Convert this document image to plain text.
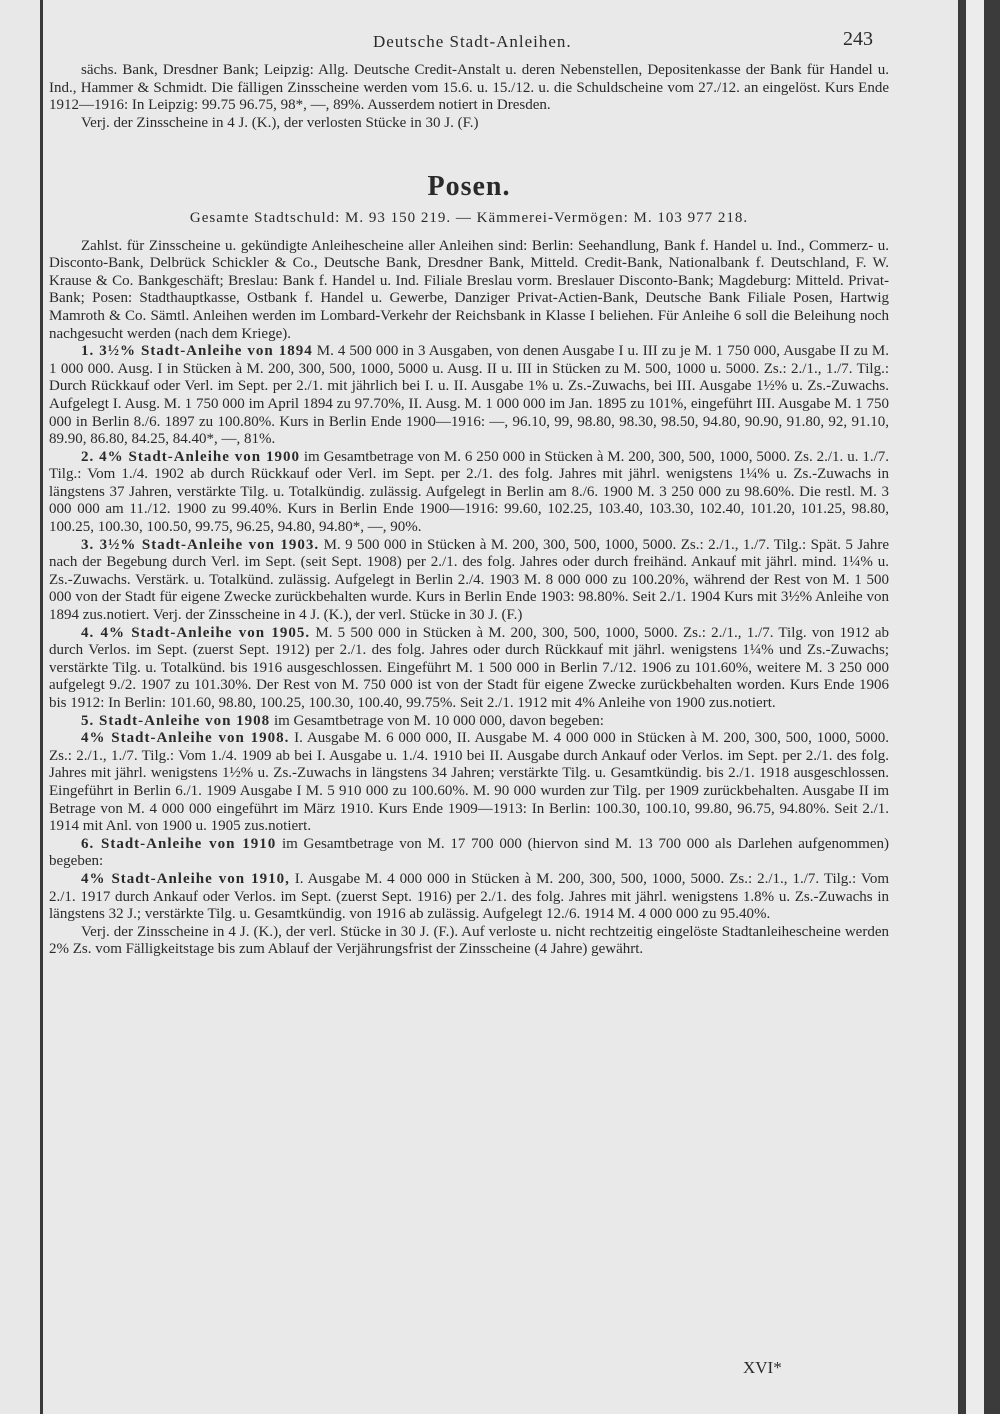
Deutsche Stadt-Anleihen.	243

sächs. Bank, Dresdner Bank; Leipzig: Allg. Deutsche Credit-Anstalt u. deren Nebenstellen, Depositenkasse der Bank für Handel u. Ind., Hammer & Schmidt. Die fälligen Zinsscheine werden vom 15.6. u. 15./12. u. die Schuldscheine vom 27./12. an eingelöst. Kurs Ende 1912—1916: In Leipzig: 99.75 96.75, 98*, —, 89%. Ausserdem notiert in Dresden.

Verj. der Zinsscheine in 4 J. (K.), der verlosten Stücke in 30 J. (F.)

Posen.
Gesamte Stadtschuld: M. 93 150 219. — Kämmerei-Vermögen: M. 103 977 218.

Zahlst. für Zinsscheine u. gekündigte Anleihescheine aller Anleihen sind: Berlin: Seehandlung, Bank f. Handel u. Ind., Commerz- u. Disconto-Bank, Delbrück Schickler & Co., Deutsche Bank, Dresdner Bank, Mitteld. Credit-Bank, Nationalbank f. Deutschland, F. W. Krause & Co. Bankgeschäft; Breslau: Bank f. Handel u. Ind. Filiale Breslau vorm. Breslauer Disconto-Bank; Magdeburg: Mitteld. Privat-Bank; Posen: Stadthauptkasse, Ostbank f. Handel u. Gewerbe, Danziger Privat-Actien-Bank, Deutsche Bank Filiale Posen, Hartwig Mamroth & Co. Sämtl. Anleihen werden im Lombard-Verkehr der Reichsbank in Klasse I beliehen. Für Anleihe 6 soll die Beleihung noch nachgesucht werden (nach dem Kriege).

1. 3½% Stadt-Anleihe von 1894 M. 4 500 000 in 3 Ausgaben, von denen Ausgabe I u. III zu je M. 1 750 000, Ausgabe II zu M. 1 000 000. Ausg. I in Stücken à M. 200, 300, 500, 1000, 5000 u. Ausg. II u. III in Stücken zu M. 500, 1000 u. 5000. Zs.: 2./1., 1./7. Tilg.: Durch Rückkauf oder Verl. im Sept. per 2./1. mit jährlich bei I. u. II. Ausgabe 1% u. Zs.-Zuwachs, bei III. Ausgabe 1½% u. Zs.-Zuwachs. Aufgelegt I. Ausg. M. 1 750 000 im April 1894 zu 97.70%, II. Ausg. M. 1 000 000 im Jan. 1895 zu 101%, eingeführt III. Ausgabe M. 1 750 000 in Berlin 8./6. 1897 zu 100.80%. Kurs in Berlin Ende 1900—1916: —, 96.10, 99, 98.80, 98.30, 98.50, 94.80, 90.90, 91.80, 92, 91.10, 89.90, 86.80, 84.25, 84.40*, —, 81%.

2. 4% Stadt-Anleihe von 1900 im Gesamtbetrage von M. 6 250 000 in Stücken à M. 200, 300, 500, 1000, 5000. Zs. 2./1. u. 1./7. Tilg.: Vom 1./4. 1902 ab durch Rückkauf oder Verl. im Sept. per 2./1. des folg. Jahres mit jährl. wenigstens 1¼% u. Zs.-Zuwachs in längstens 37 Jahren, verstärkte Tilg. u. Totalkündig. zulässig. Aufgelegt in Berlin am 8./6. 1900 M. 3 250 000 zu 98.60%. Die restl. M. 3 000 000 am 11./12. 1900 zu 99.40%. Kurs in Berlin Ende 1900—1916: 99.60, 102.25, 103.40, 103.30, 102.40, 101.20, 101.25, 98.80, 100.25, 100.30, 100.50, 99.75, 96.25, 94.80, 94.80*, —, 90%.

3. 3½% Stadt-Anleihe von 1903. M. 9 500 000 in Stücken à M. 200, 300, 500, 1000, 5000. Zs.: 2./1., 1./7. Tilg.: Spät. 5 Jahre nach der Begebung durch Verl. im Sept. (seit Sept. 1908) per 2./1. des folg. Jahres oder durch freihänd. Ankauf mit jährl. mind. 1¼% u. Zs.-Zuwachs. Verstärk. u. Totalkünd. zulässig. Aufgelegt in Berlin 2./4. 1903 M. 8 000 000 zu 100.20%, während der Rest von M. 1 500 000 von der Stadt für eigene Zwecke zurückbehalten wurde. Kurs in Berlin Ende 1903: 98.80%. Seit 2./1. 1904 Kurs mit 3½% Anleihe von 1894 zus.notiert. Verj. der Zinsscheine in 4 J. (K.), der verl. Stücke in 30 J. (F.)

4. 4% Stadt-Anleihe von 1905. M. 5 500 000 in Stücken à M. 200, 300, 500, 1000, 5000. Zs.: 2./1., 1./7. Tilg. von 1912 ab durch Verlos. im Sept. (zuerst Sept. 1912) per 2./1. des folg. Jahres oder durch Rückkauf mit jährl. wenigstens 1¼% und Zs.-Zuwachs; verstärkte Tilg. u. Totalkünd. bis 1916 ausgeschlossen. Eingeführt M. 1 500 000 in Berlin 7./12. 1906 zu 101.60%, weitere M. 3 250 000 aufgelegt 9./2. 1907 zu 101.30%. Der Rest von M. 750 000 ist von der Stadt für eigene Zwecke zurückbehalten worden. Kurs Ende 1906 bis 1912: In Berlin: 101.60, 98.80, 100.25, 100.30, 100.40, 99.75%. Seit 2./1. 1912 mit 4% Anleihe von 1900 zus.notiert.

5. Stadt-Anleihe von 1908 im Gesamtbetrage von M. 10 000 000, davon begeben:

4% Stadt-Anleihe von 1908. I. Ausgabe M. 6 000 000, II. Ausgabe M. 4 000 000 in Stücken à M. 200, 300, 500, 1000, 5000. Zs.: 2./1., 1./7. Tilg.: Vom 1./4. 1909 ab bei I. Ausgabe u. 1./4. 1910 bei II. Ausgabe durch Ankauf oder Verlos. im Sept. per 2./1. des folg. Jahres mit jährl. wenigstens 1½% u. Zs.-Zuwachs in längstens 34 Jahren; verstärkte Tilg. u. Gesamtkündig. bis 2./1. 1918 ausgeschlossen. Eingeführt in Berlin 6./1. 1909 Ausgabe I M. 5 910 000 zu 100.60%. M. 90 000 wurden zur Tilg. per 1909 zurückbehalten. Ausgabe II im Betrage von M. 4 000 000 eingeführt im März 1910. Kurs Ende 1909—1913: In Berlin: 100.30, 100.10, 99.80, 96.75, 94.80%. Seit 2./1. 1914 mit Anl. von 1900 u. 1905 zus.notiert.

6. Stadt-Anleihe von 1910 im Gesamtbetrage von M. 17 700 000 (hiervon sind M. 13 700 000 als Darlehen aufgenommen) begeben:

4% Stadt-Anleihe von 1910, I. Ausgabe M. 4 000 000 in Stücken à M. 200, 300, 500, 1000, 5000. Zs.: 2./1., 1./7. Tilg.: Vom 2./1. 1917 durch Ankauf oder Verlos. im Sept. (zuerst Sept. 1916) per 2./1. des folg. Jahres mit jährl. wenigstens 1.8% u. Zs.-Zuwachs in längstens 32 J.; verstärkte Tilg. u. Gesamtkündig. von 1916 ab zulässig. Aufgelegt 12./6. 1914 M. 4 000 000 zu 95.40%.

Verj. der Zinsscheine in 4 J. (K.), der verl. Stücke in 30 J. (F.). Auf verloste u. nicht rechtzeitig eingelöste Stadtanleihescheine werden 2% Zs. vom Fälligkeitstage bis zum Ablauf der Verjährungsfrist der Zinsscheine (4 Jahre) gewährt.

XVI*
